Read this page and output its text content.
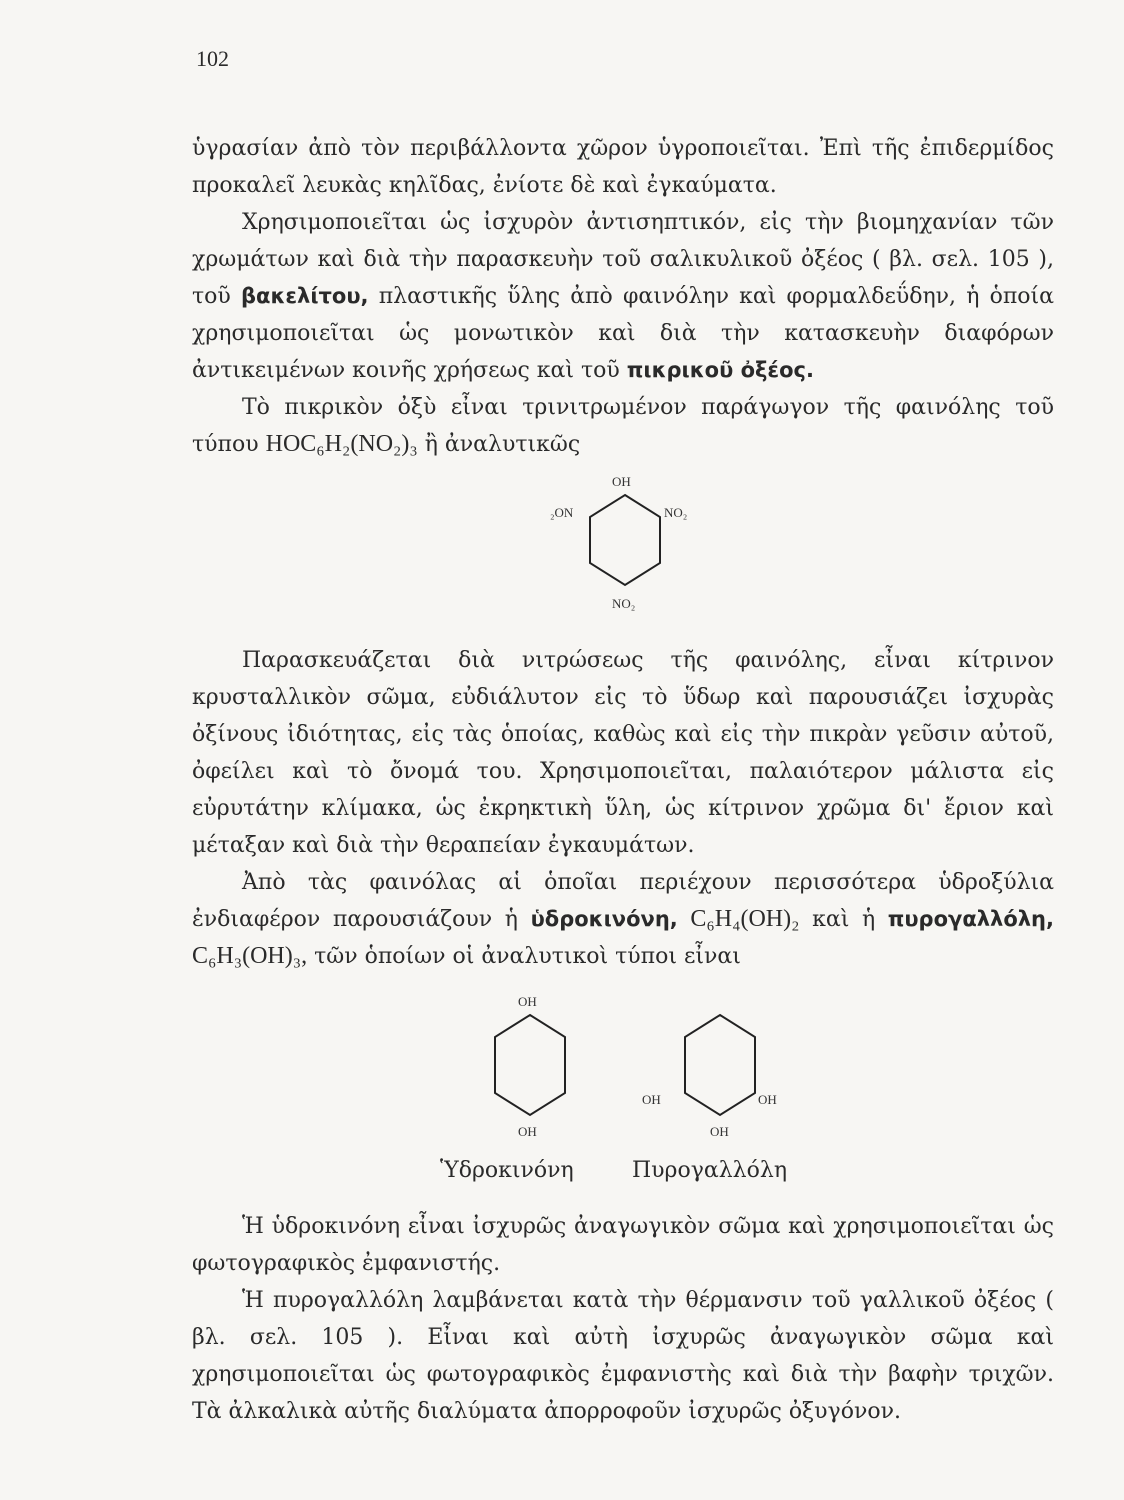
102

ὑγρασίαν ἀπὸ τὸν περιβάλλοντα χῶρον ὑγροποιεῖται. Ἐπὶ τῆς ἐπιδερμίδος προκαλεῖ λευκὰς κηλῖδας, ἐνίοτε δὲ καὶ ἐγκαύματα.

Χρησιμοποιεῖται ὡς ἰσχυρὸν ἀντισηπτικόν, εἰς τὴν βιομηχανίαν τῶν χρωμάτων καὶ διὰ τὴν παρασκευὴν τοῦ σαλικυλικοῦ ὀξέος ( βλ. σελ. 105 ), τοῦ βακελίτου, πλαστικῆς ὕλης ἀπὸ φαινόλην καὶ φορμαλδεΰδην, ἡ ὁποία χρησιμοποιεῖται ὡς μονωτικὸν καὶ διὰ τὴν κατασκευὴν διαφόρων ἀντικειμένων κοινῆς χρήσεως καὶ τοῦ πικρικοῦ ὀξέος.

Τὸ πικρικὸν ὀξὺ εἶναι τρινιτρωμένον παράγωγον τῆς φαινόλης τοῦ τύπου HOC₆H₂(NO₂)₃ ἢ ἀναλυτικῶς

OH
₂ON	NO₂
NO₂

Παρασκευάζεται διὰ νιτρώσεως τῆς φαινόλης, εἶναι κίτρινον κρυσταλλικὸν σῶμα, εὐδιάλυτον εἰς τὸ ὕδωρ καὶ παρουσιάζει ἰσχυρὰς ὀξίνους ἰδιότητας, εἰς τὰς ὁποίας, καθὼς καὶ εἰς τὴν πικρὰν γεῦσιν αὐτοῦ, ὀφείλει καὶ τὸ ὄνομά του. Χρησιμοποιεῖται, παλαιότερον μάλιστα εἰς εὐρυτάτην κλίμακα, ὡς ἐκρηκτικὴ ὕλη, ὡς κίτρινον χρῶμα δι' ἔριον καὶ μέταξαν καὶ διὰ τὴν θεραπείαν ἐγκαυμάτων.

Ἀπὸ τὰς φαινόλας αἱ ὁποῖαι περιέχουν περισσότερα ὑδροξύλια ἐνδιαφέρον παρουσιάζουν ἡ ὑδροκινόνη, C₆H₄(OH)₂ καὶ ἡ πυρογαλλόλη, C₆H₃(OH)₃, τῶν ὁποίων οἱ ἀναλυτικοὶ τύποι εἶναι

OH
OH
OH	OH
OH
Ὑδροκινόνη	Πυρογαλλόλη

Ἡ ὑδροκινόνη εἶναι ἰσχυρῶς ἀναγωγικὸν σῶμα καὶ χρησιμοποιεῖται ὡς φωτογραφικὸς ἐμφανιστής.

Ἡ πυρογαλλόλη λαμβάνεται κατὰ τὴν θέρμανσιν τοῦ γαλλικοῦ ὀξέος ( βλ. σελ. 105 ). Εἶναι καὶ αὐτὴ ἰσχυρῶς ἀναγωγικὸν σῶμα καὶ χρησιμοποιεῖται ὡς φωτογραφικὸς ἐμφανιστὴς καὶ διὰ τὴν βαφὴν τριχῶν. Τὰ ἀλκαλικὰ αὐτῆς διαλύματα ἀπορροφοῦν ἰσχυρῶς ὀξυγόνον.
